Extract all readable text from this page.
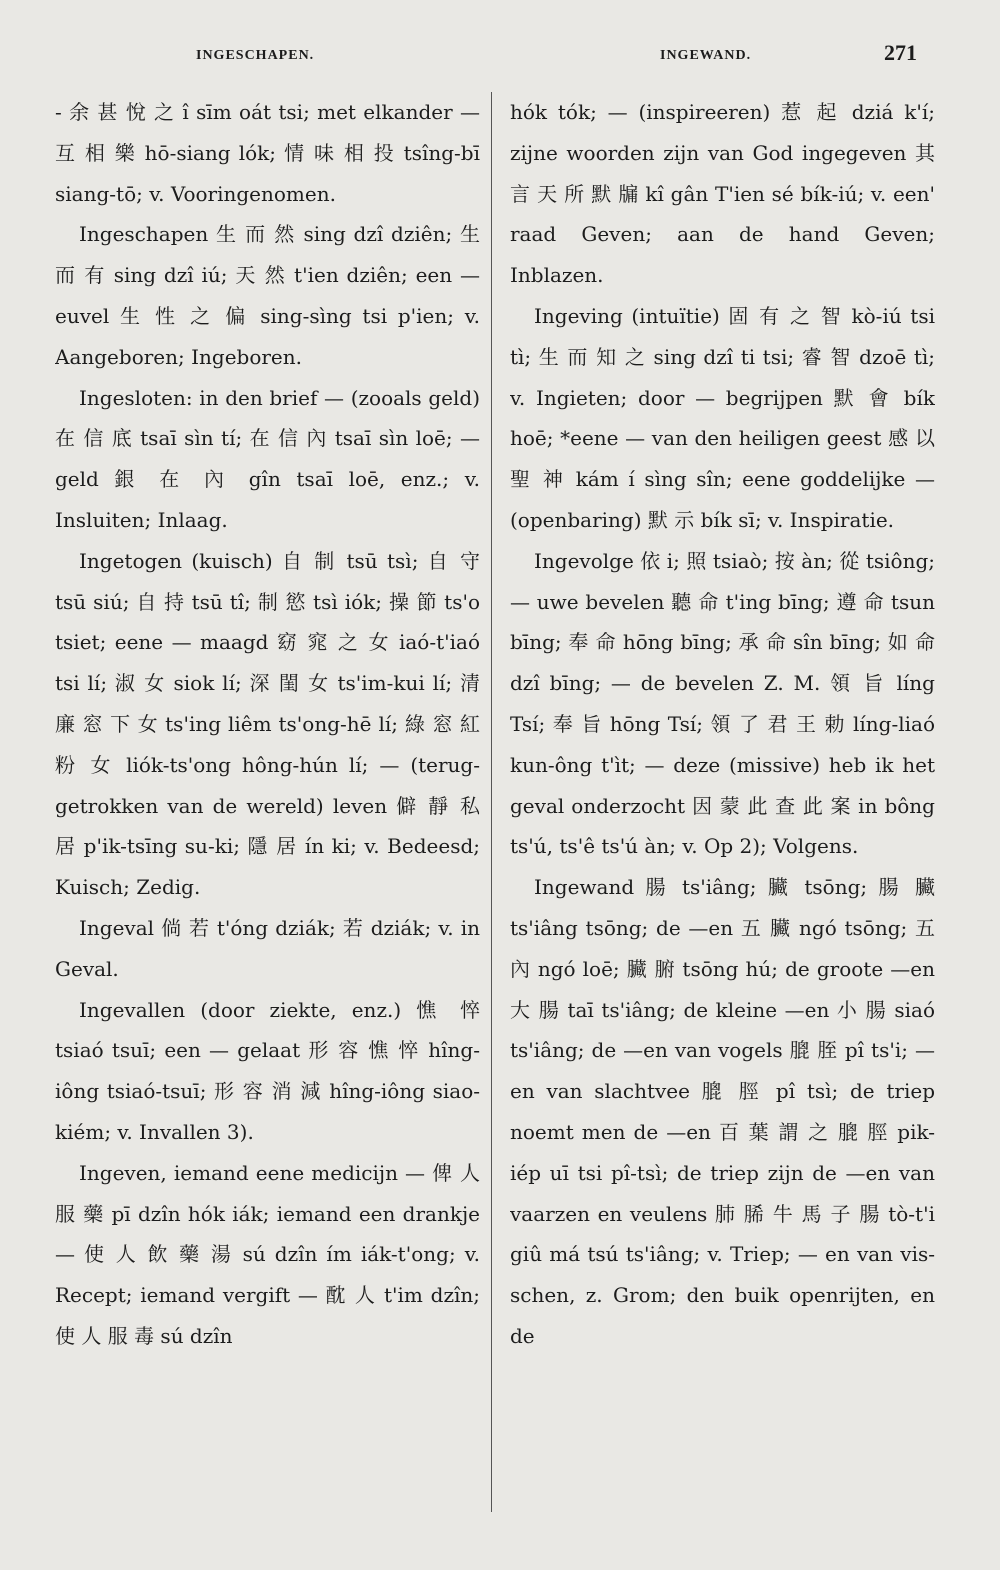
INGESCHAPEN.	INGEWAND.	271

- 余 甚 悅 之 î sīm oát tsi; met elkander — 互 相 樂 hō-siang lók; 情 味 相 投 tsîng-bī siang-tō; v. Vooringenomen.

Ingeschapen 生 而 然 sing dzî dziên; 生 而 有 sing dzî iú; 天 然 t'ien dziên; een — euvel 生 性 之 偏 sing-sìng tsi p'ien; v. Aangeboren; Ingeboren.

Ingesloten: in den brief — (zooals geld) 在 信 底 tsaī sìn tí; 在 信 內 tsaī sìn loē; — geld 銀 在 內 gîn tsaī loē, enz.; v. Insluiten; Inlaag.

Ingetogen (kuisch) 自 制 tsū tsì; 自 守 tsū siú; 自 持 tsū tî; 制 慾 tsì iók; 操 節 ts'o tsiet; eene — maagd 窈 窕 之 女 iaó-t'iaó tsi lí; 淑 女 siok lí; 深 閨 女 ts'im-kui lí; 清 廉 窓 下 女 ts'ing liêm ts'ong-hē lí; 綠 窓 紅 粉 女 liók-ts'ong hông-hún lí; — (teruggetrokken van de wereld) leven 僻 靜 私 居 p'ik-tsīng su-ki; 隱 居 ín ki; v. Bedeesd; Kuisch; Zedig.

Ingeval 倘 若 t'óng dziák; 若 dziák; v. in Geval.

Ingevallen (door ziekte, enz.) 憔 悴 tsiaó tsuī; een — gelaat 形 容 憔 悴 hîng-iông tsiaó-tsuī; 形 容 消 減 hîng-iông siao-kiém; v. Invallen 3).

Ingeven, iemand eene medicijn — 俾 人 服 藥 pī dzîn hók iák; iemand een drankje — 使 人 飲 藥 湯 sú dzîn ím iák-t'ong; v. Recept; iemand vergift — 酖 人 t'im dzîn; 使 人 服 毒 sú dzîn

hók tók; — (inspireeren) 惹 起 dziá k'í; zijne woorden zijn van God ingegeven 其 言 天 所 默 牖 kî gân T'ien sé bík-iú; v. een' raad Geven; aan de hand Geven; Inblazen.

Ingeving (intuïtie) 固 有 之 智 kò-iú tsi tì; 生 而 知 之 sing dzî ti tsi; 睿 智 dzoē tì; v. Ingieten; door — begrijpen 默 會 bík hoē; *eene — van den heiligen geest 感 以 聖 神 kám í sìng sîn; eene goddelijke — (openbaring) 默 示 bík sī; v. Inspiratie.

Ingevolge 依 i; 照 tsiaò; 按 àn; 從 tsiông; — uwe bevelen 聽 命 t'ing bīng; 遵 命 tsun bīng; 奉 命 hōng bīng; 承 命 sîn bīng; 如 命 dzî bīng; — de bevelen Z. M. 領 旨 líng Tsí; 奉 旨 hōng Tsí; 領 了 君 王 勅 líng-liaó kun-ông t'ìt; — deze (missive) heb ik het geval onderzocht 因 蒙 此 查 此 案 in bông ts'ú, ts'ê ts'ú àn; v. Op 2); Volgens.

Ingewand 腸 ts'iâng; 臟 tsōng; 腸 臟 ts'iâng tsōng; de —en 五 臟 ngó tsōng; 五 內 ngó loē; 臟 腑 tsōng hú; de groote —en 大 腸 taī ts'iâng; de kleine —en 小 腸 siaó ts'iâng; de —en van vogels 膍 胵 pî ts'i; — en van slachtvee 膍 脛 pî tsì; de triep noemt men de —en 百 葉 謂 之 膍 脛 pik-iép uī tsi pî-tsì; de triep zijn de —en van vaarzen en veulens 肺 脪 牛 馬 子 腸 tò-t'i giû má tsú ts'iâng; v. Triep; — en van visschen, z. Grom; den buik openrijten, en de
